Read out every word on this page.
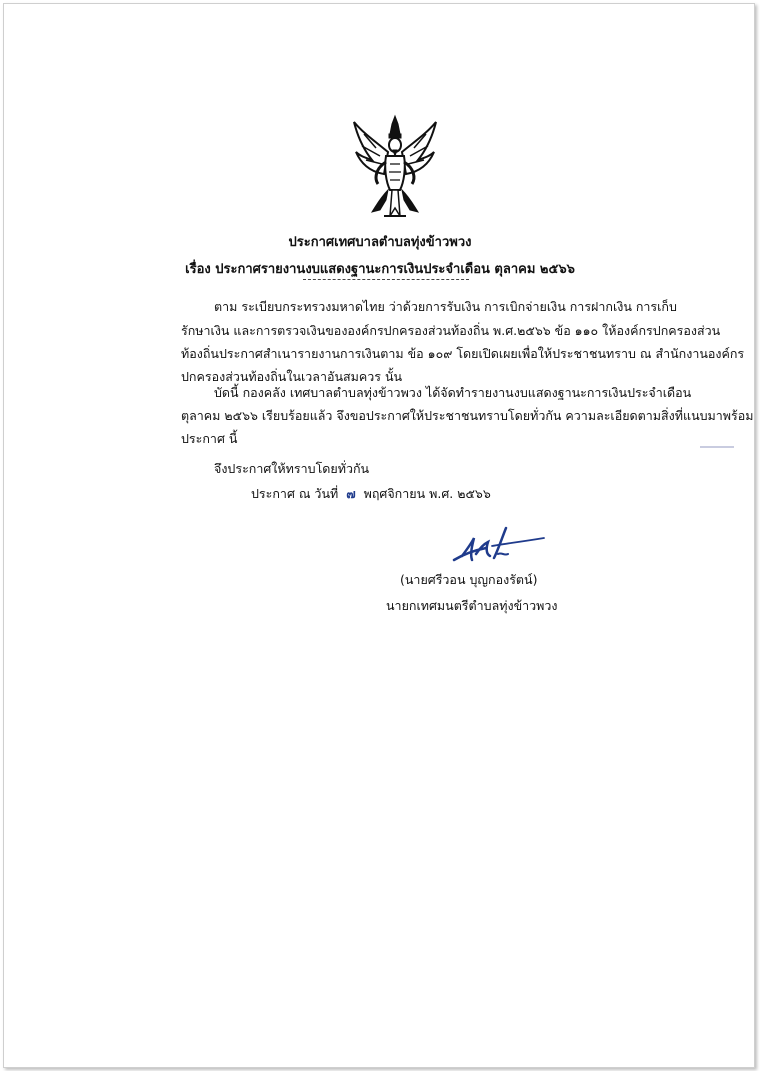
ประกาศเทศบาลตำบลทุ่งข้าวพวง
เรื่อง ประกาศรายงานงบแสดงฐานะการเงินประจำเดือน ตุลาคม ๒๕๖๖
ตาม ระเบียบกระทรวงมหาดไทย ว่าด้วยการรับเงิน การเบิกจ่ายเงิน การฝากเงิน การเก็บ
รักษาเงิน และการตรวจเงินขององค์กรปกครองส่วนท้องถิ่น พ.ศ.๒๕๖๖ ข้อ ๑๑๐ ให้องค์กรปกครองส่วน
ท้องถิ่นประกาศสำเนารายงานการเงินตาม ข้อ ๑๐๙ โดยเปิดเผยเพื่อให้ประชาชนทราบ ณ สำนักงานองค์กร
ปกครองส่วนท้องถิ่นในเวลาอันสมควร นั้น
บัดนี้ กองคลัง เทศบาลตำบลทุ่งข้าวพวง ได้จัดทำรายงานงบแสดงฐานะการเงินประจำเดือน
ตุลาคม ๒๕๖๖ เรียบร้อยแล้ว จึงขอประกาศให้ประชาชนทราบโดยทั่วกัน ความละเอียดตามสิ่งที่แนบมาพร้อม
ประกาศ นี้
จึงประกาศให้ทราบโดยทั่วกัน
ประกาศ ณ วันที่ ๗ พฤศจิกายน พ.ศ. ๒๕๖๖
(นายศรีวอน บุญกองรัตน์)
นายกเทศมนตรีตำบลทุ่งข้าวพวง
